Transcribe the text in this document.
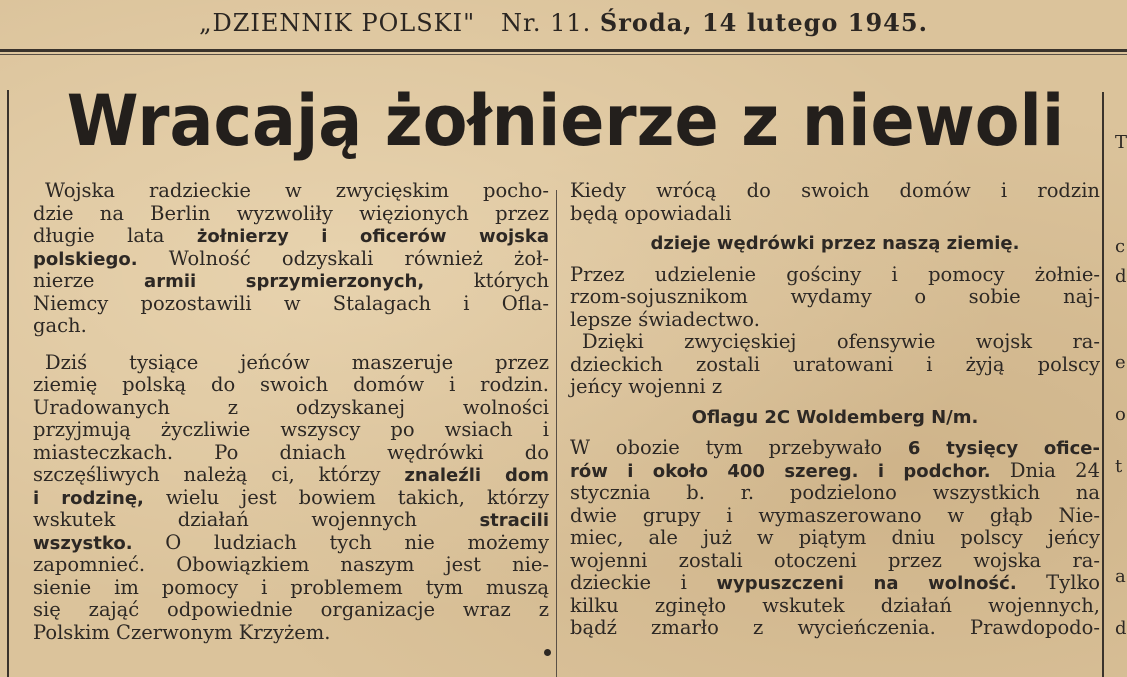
„DZIENNIK POLSKI" Nr. 11. Środa, 14 lutego 1945.
Wracają żołnierze z niewoli
Wojska radzieckie w zwycięskim pocho-
dzie na Berlin wyzwoliły więzionych przez
długie lata żołnierzy i oficerów wojska
polskiego. Wolność odzyskali również żoł-
nierze armii sprzymierzonych, których
Niemcy pozostawili w Stalagach i Ofla-
gach.
Dziś tysiące jeńców maszeruje przez
ziemię polską do swoich domów i rodzin.
Uradowanych z odzyskanej wolności
przyjmują życzliwie wszyscy po wsiach i
miasteczkach. Po dniach wędrówki do
szczęśliwych należą ci, którzy znaleźli dom
i rodzinę, wielu jest bowiem takich, którzy
wskutek działań wojennych stracili
wszystko. O ludziach tych nie możemy
zapomnieć. Obowiązkiem naszym jest nie-
sienie im pomocy i problemem tym muszą
się zająć odpowiednie organizacje wraz z
Polskim Czerwonym Krzyżem.
Kiedy wrócą do swoich domów i rodzin
będą opowiadali
dzieje wędrówki przez naszą ziemię.
Przez udzielenie gościny i pomocy żołnie-
rzom-sojusznikom wydamy o sobie naj-
lepsze świadectwo.
Dzięki zwycięskiej ofensywie wojsk ra-
dzieckich zostali uratowani i żyją polscy
jeńcy wojenni z
Oflagu 2C Woldemberg N/m.
W obozie tym przebywało 6 tysięcy ofice-
rów i około 400 szereg. i podchor. Dnia 24
stycznia b. r. podzielono wszystkich na
dwie grupy i wymaszerowano w głąb Nie-
miec, ale już w piątym dniu polscy jeńcy
wojenni zostali otoczeni przez wojska ra-
dzieckie i wypuszczeni na wolność. Tylko
kilku zginęło wskutek działań wojennych,
bądź zmarło z wycieńczenia. Prawdopodo-
T
c
d
e
o
t
a
d
